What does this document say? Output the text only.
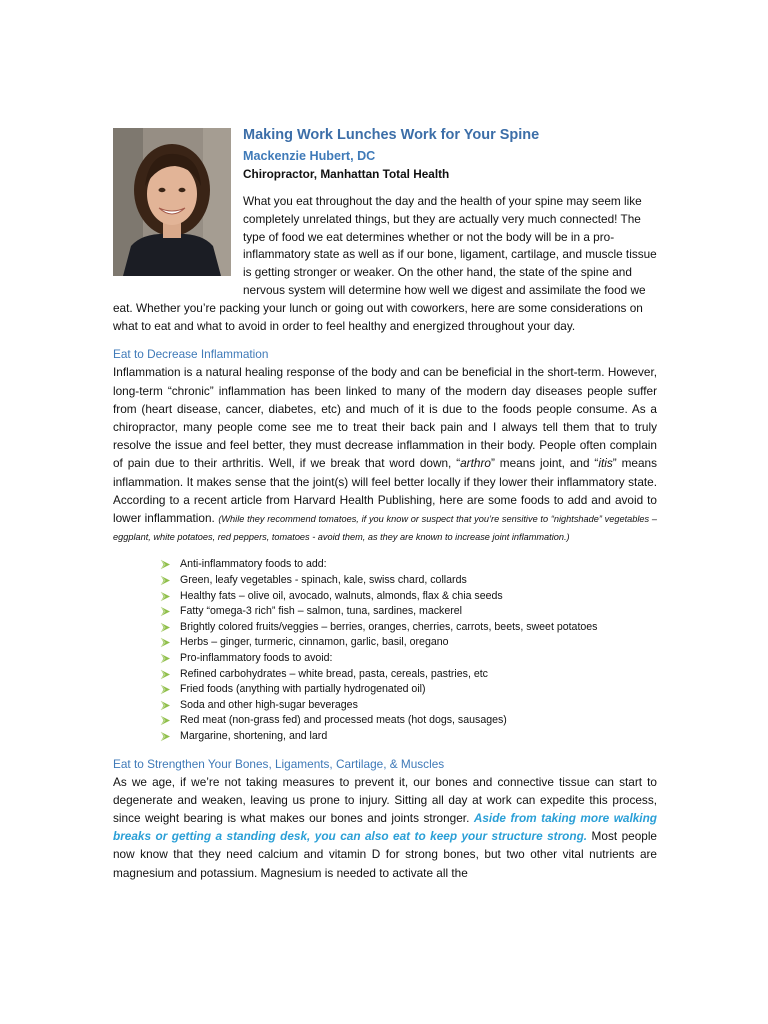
Making Work Lunches Work for Your Spine
Mackenzie Hubert, DC
Chiropractor, Manhattan Total Health

What you eat throughout the day and the health of your spine may seem like completely unrelated things, but they are actually very much connected! The type of food we eat determines whether or not the body will be in a pro-inflammatory state as well as if our bone, ligament, cartilage, and muscle tissue is getting stronger or weaker. On the other hand, the state of the spine and nervous system will determine how well we digest and assimilate the food we eat. Whether you’re packing your lunch or going out with coworkers, here are some considerations on what to eat and what to avoid in order to feel healthy and energized throughout your day.

Eat to Decrease Inflammation

Inflammation is a natural healing response of the body and can be beneficial in the short-term. However, long-term “chronic” inflammation has been linked to many of the modern day diseases people suffer from (heart disease, cancer, diabetes, etc) and much of it is due to the foods people consume. As a chiropractor, many people come see me to treat their back pain and I always tell them that to truly resolve the issue and feel better, they must decrease inflammation in their body. People often complain of pain due to their arthritis. Well, if we break that word down, “arthro” means joint, and “itis” means inflammation. It makes sense that the joint(s) will feel better locally if they lower their inflammatory state. According to a recent article from Harvard Health Publishing, here are some foods to add and avoid to lower inflammation. (While they recommend tomatoes, if you know or suspect that you’re sensitive to “nightshade” vegetables – eggplant, white potatoes, red peppers, tomatoes - avoid them, as they are known to increase joint inflammation.)

Anti-inflammatory foods to add:
Green, leafy vegetables - spinach, kale, swiss chard, collards
Healthy fats – olive oil, avocado, walnuts, almonds, flax & chia seeds
Fatty “omega-3 rich” fish – salmon, tuna, sardines, mackerel
Brightly colored fruits/veggies – berries, oranges, cherries, carrots, beets, sweet potatoes
Herbs – ginger, turmeric, cinnamon, garlic, basil, oregano
Pro-inflammatory foods to avoid:
Refined carbohydrates – white bread, pasta, cereals, pastries, etc
Fried foods (anything with partially hydrogenated oil)
Soda and other high-sugar beverages
Red meat (non-grass fed) and processed meats (hot dogs, sausages)
Margarine, shortening, and lard
Eat to Strengthen Your Bones, Ligaments, Cartilage, & Muscles

As we age, if we’re not taking measures to prevent it, our bones and connective tissue can start to degenerate and weaken, leaving us prone to injury. Sitting all day at work can expedite this process, since weight bearing is what makes our bones and joints stronger. Aside from taking more walking breaks or getting a standing desk, you can also eat to keep your structure strong. Most people now know that they need calcium and vitamin D for strong bones, but two other vital nutrients are magnesium and potassium. Magnesium is needed to activate all the
